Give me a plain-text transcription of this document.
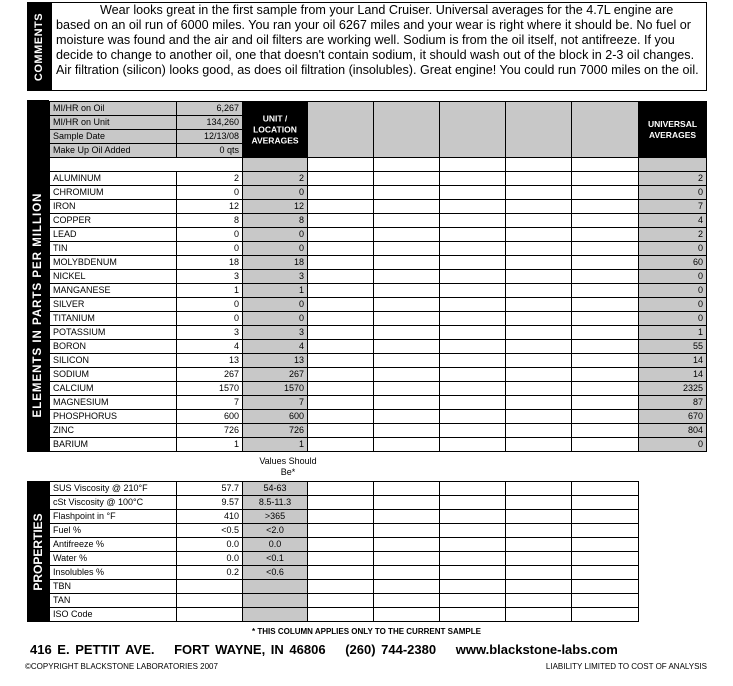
COMMENTS
Wear looks great in the first sample from your Land Cruiser. Universal averages for the 4.7L engine are based on an oil run of 6000 miles. You ran your oil 6267 miles and your wear is right where it should be. No fuel or moisture was found and the air and oil filters are working well. Sodium is from the oil itself, not antifreeze. If you decide to change to another oil, one that doesn't contain sodium, it should wash out of the block in 2-3 oil changes. Air filtration (silicon) looks good, as does oil filtration (insolubles). Great engine! You could run 7000 miles on the oil.
MI/HR on Oil	6,267
MI/HR on Unit	134,260
Sample Date	12/13/08
Make Up Oil Added	0 qts
UNIT / LOCATION AVERAGES
UNIVERSAL AVERAGES
ELEMENTS IN PARTS PER MILLION
ALUMINUM	2	2	2
CHROMIUM	0	0	0
IRON	12	12	7
COPPER	8	8	4
LEAD	0	0	2
TIN	0	0	0
MOLYBDENUM	18	18	60
NICKEL	3	3	0
MANGANESE	1	1	0
SILVER	0	0	0
TITANIUM	0	0	0
POTASSIUM	3	3	1
BORON	4	4	55
SILICON	13	13	14
SODIUM	267	267	14
CALCIUM	1570	1570	2325
MAGNESIUM	7	7	87
PHOSPHORUS	600	600	670
ZINC	726	726	804
BARIUM	1	1	0
PROPERTIES
SUS Viscosity @ 210°F	57.7	54-63
cSt Viscosity @ 100°C	9.57	8.5-11.3
Flashpoint in °F	410	>365
Fuel %	<0.5	<2.0
Antifreeze %	0.0	0.0
Water %	0.0	<0.1
Insolubles %	0.2	<0.6
TBN
TAN
ISO Code
Values Should Be*
* THIS COLUMN APPLIES ONLY TO THE CURRENT SAMPLE
416 E. PETTIT AVE. FORT WAYNE, IN 46806 (260) 744-2380 www.blackstone-labs.com
©COPYRIGHT BLACKSTONE LABORATORIES 2007	LIABILITY LIMITED TO COST OF ANALYSIS
